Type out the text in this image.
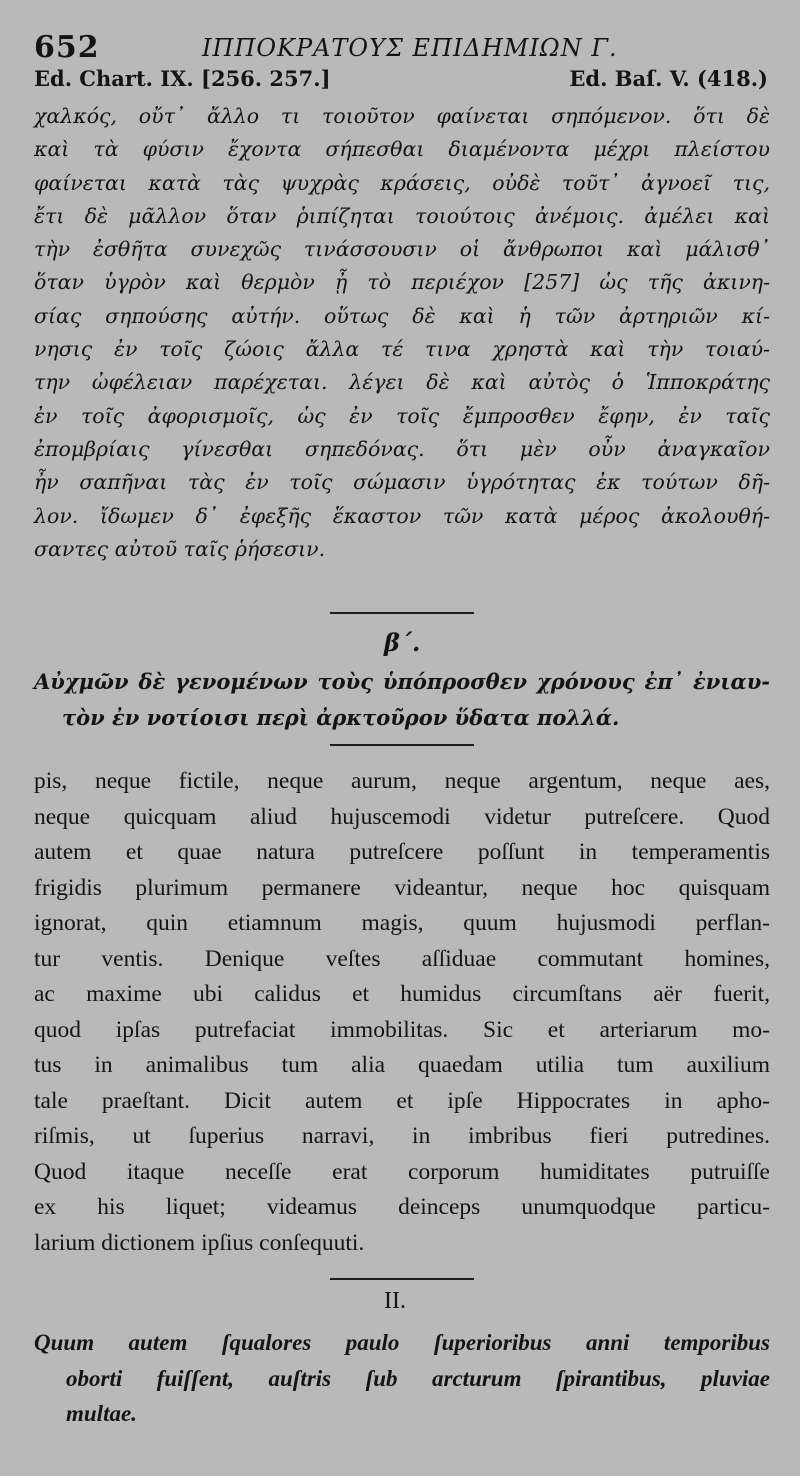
652	ΙΠΠΟΚΡΑΤΟΥΣ ΕΠΙΔΗΜΙΩΝ Γ.
Ed. Chart. IX. [256. 257.]	Ed. Baſ. V. (418.)
χαλκός, οὔτ᾽ ἄλλο τι τοιοῦτον φαίνεται σηπόμενον. ὅτι δὲ
καὶ τὰ φύσιν ἔχοντα σήπεσθαι διαμένοντα μέχρι πλείστου
φαίνεται κατὰ τὰς ψυχρὰς κράσεις, οὐδὲ τοῦτ᾽ ἀγνοεῖ τις,
ἔτι δὲ μᾶλλον ὅταν ῥιπίζηται τοιούτοις ἀνέμοις. ἀμέλει καὶ
τὴν ἐσθῆτα συνεχῶς τινάσσουσιν οἱ ἄνθρωποι καὶ μάλισθ᾽
ὅταν ὑγρὸν καὶ θερμὸν ᾖ τὸ περιέχον [257] ὡς τῆς ἀκινη-
σίας σηπούσης αὐτήν. οὕτως δὲ καὶ ἡ τῶν ἀρτηριῶν κί-
νησις ἐν τοῖς ζώοις ἄλλα τέ τινα χρηστὰ καὶ τὴν τοιαύ-
την ὠφέλειαν παρέχεται. λέγει δὲ καὶ αὐτὸς ὁ Ἱπποκράτης
ἐν τοῖς ἀφορισμοῖς, ὡς ἐν τοῖς ἔμπροσθεν ἔφην, ἐν ταῖς
ἐπομβρίαις γίνεσθαι σηπεδόνας. ὅτι μὲν οὖν ἀναγκαῖον
ἦν σαπῆναι τὰς ἐν τοῖς σώμασιν ὑγρότητας ἐκ τούτων δῆ-
λον. ἴδωμεν δ᾽ ἐφεξῆς ἕκαστον τῶν κατὰ μέρος ἀκολουθή-
σαντες αὐτοῦ ταῖς ῥήσεσιν.
β΄.
Αὐχμῶν δὲ γενομένων τοὺς ὑπόπροσθεν χρόνους ἐπ᾽ ἐνιαυ-
τὸν ἐν νοτίοισι περὶ ἀρκτοῦρον ὕδατα πολλά.
pis, neque fictile, neque aurum, neque argentum, neque aes,
neque quicquam aliud hujuscemodi videtur putreſcere. Quod
autem et quae natura putreſcere poſſunt in temperamentis
frigidis plurimum permanere videantur, neque hoc quisquam
ignorat, quin etiamnum magis, quum hujusmodi perflan-
tur ventis. Denique veſtes aſſiduae commutant homines,
ac maxime ubi calidus et humidus circumſtans aër fuerit,
quod ipſas putrefaciat immobilitas. Sic et arteriarum mo-
tus in animalibus tum alia quaedam utilia tum auxilium
tale praeſtant. Dicit autem et ipſe Hippocrates in apho-
riſmis, ut ſuperius narravi, in imbribus fieri putredines.
Quod itaque neceſſe erat corporum humiditates putruiſſe
ex his liquet; videamus deinceps unumquodque particu-
larium dictionem ipſius conſequuti.
II.
Quum autem ſqualores paulo ſuperioribus anni temporibus
oborti fuiſſent, auſtris ſub arcturum ſpirantibus, pluviae
multae.
